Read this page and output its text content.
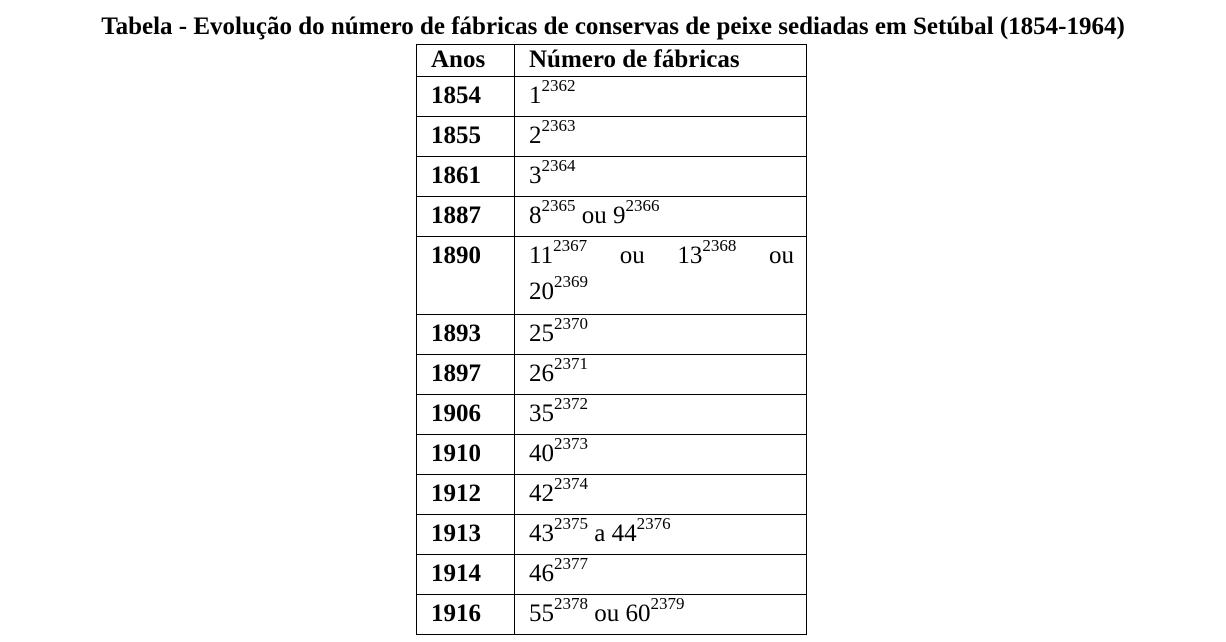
Tabela - Evolução do número de fábricas de conservas de peixe sediadas em Setúbal (1854-1964)
Anos	Número de fábricas
1854	$1^{2362}$
1855	$2^{2363}$
1861	$3^{2364}$
1887	$8^{2365}$ ou $9^{2366}$
1890	$11^{2367}$ ou $13^{2368}$ ou
$20^{2369}$

1893	$25^{2370}$
1897	$26^{2371}$
1906	$35^{2372}$
1910	$40^{2373}$
1912	$42^{2374}$
1913	$43^{2375}$ a $44^{2376}$
1914	$46^{2377}$
1916	$55^{2378}$ ou $60^{2379}$
